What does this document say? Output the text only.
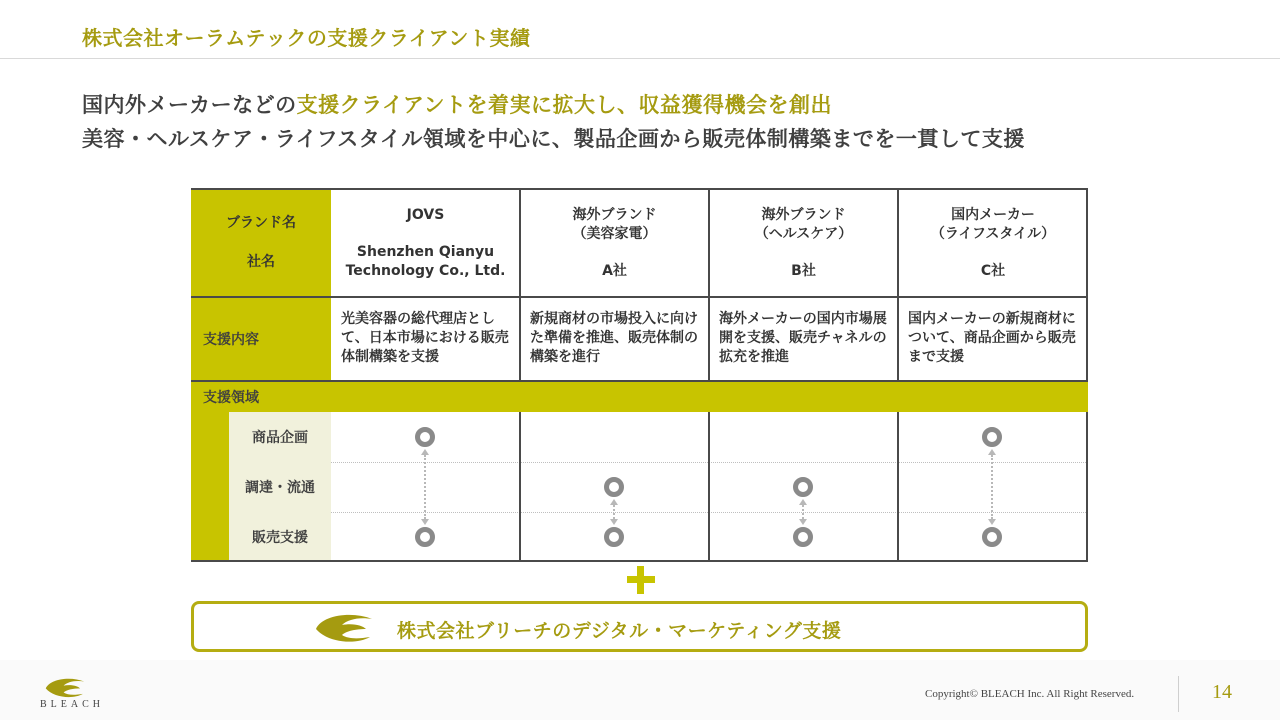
株式会社オーラムテックの支援クライアント実績
国内外メーカーなどの支援クライアントを着実に拡大し、収益獲得機会を創出
美容・ヘルスケア・ライフスタイル領域を中心に、製品企画から販売体制構築までを一貫して支援
ブランド名
社名
支援内容
支援領域
商品企画
調達・流通
販売支援
JOVS
Shenzhen Qianyu Technology Co., Ltd.
海外ブランド
（美容家電）
A社
海外ブランド
（ヘルスケア）
B社
国内メーカー
（ライフスタイル）
C社
光美容器の総代理店として、日本市場における販売体制構築を支援
新規商材の市場投入に向けた準備を推進、販売体制の構築を進行
海外メーカーの国内市場展開を支援、販売チャネルの拡充を推進
国内メーカーの新規商材について、商品企画から販売まで支援
株式会社ブリーチのデジタル・マーケティング支援
BLEACH
Copyright© BLEACH Inc. All Right Reserved.	14
